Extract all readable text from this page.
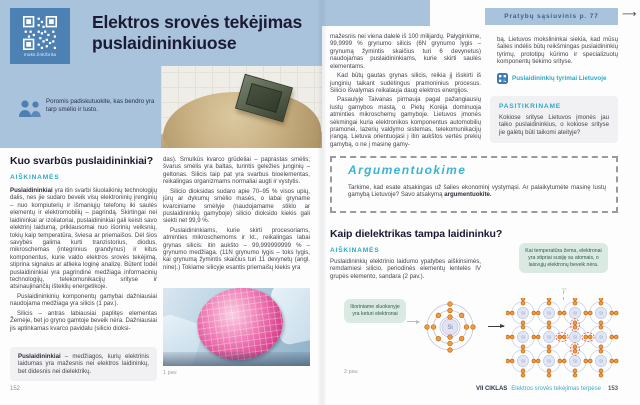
moks.link/brita
Elektros srovės tekėjimas
puslaidininkiuose
Poromis padiskutuokite, kas bendro yra tarp smėlio ir lusto.
Pratybų sąsiuvinis p. 77 ⟶
Kuo svarbūs puslaidininkiai?
AIŠKINAMĖS

Puslaidininkiai yra itin svarbi šiuolaikinių technologijų dalis, nes jie sudaro beveik visų elektroninių įrenginių – nuo kompiuterių ir išmaniųjų telefonų iki saulės elementų ir elektromobilių – pagrindą. Skirtingai nei laidininkai ar izoliatoriai, puslaidininkiai gali keisti savo elektrinį laidumą, priklausomai nuo išorinių veiksnių, tokių kaip temperatūra, šviesa ar priemaišos. Dėl šios savybės galima kurti tranzistorius, diodus, mikroschemas (integrinius grandynus) ir kitus komponentus, kurie valdo elektros srovės tekėjimą, stiprina signalus ar atlieka loginę analizę. Būtent todėl puslaidininkiai yra pagrindinė medžiaga informacinių technologijų, telekomunikacijų srityse ir atsinaujinančių išteklių energetikoje.

Puslaidininkinių komponentų gamybai dažniausiai naudojama medžiaga yra silicis (1 pav.).

Silicis – antras labiausiai paplitęs elementas Žemėje, bet jo gryno gamtoje beveik nėra. Dažniausiai jis aptinkamas kvarco pavidalu (silicio dioksi-

Puslaidininkiai – medžiagos, kurių elektrinis laidumas yra mažesnis nei elektros laidininkų, bet didesnis nei dielektrikų.

das). Smulkūs kvarco grūdeliai – paprastas smėlis; švarus smėlis yra baltas, turintis geležies junginių – geltonas. Silicis taip pat yra svarbus bioelementas, reikalingas organizmams normaliai augti ir vystytis.

Silicio dioksidas sudaro apie 70–95 % visos upių, jūrų ar dykumų smėlio masės, o labai gryname kvarciniame smėlyje (naudojamame stiklo ar puslaidininkių gamyboje) silicio dioksido kiekis gali siekti net 99,9 %.

Puslaidininkiams, kurie skirti procesoriams, atminties mikroschemoms ir kt., reikalingas labai grynas silicis: itin aukšto – 99,999999999 % – grynumo medžiaga. (11N grynumo lygis – toks lygis, kai grynumą žymintis skaičius turi 11 devynetų (angl. nine).) Tokiame silicyje esantis priemaišų kiekis yra

1 pav.

mažesnis nei viena dalelė iš 100 milijardų. Palyginkime, 99,9999 % grynumo silicis (6N grynumo lygis – grynumą žymintis skaičius turi 6 devynetus) naudojamas puslaidininkiams, kurie skirti saulės elementams.

Kad būtų gautas grynas silicis, reikia jį išskirti iš junginių taikant sudėtingus pramoninius procesus. Silicio išvalymas reikalauja daug elektros energijos.

Pasaulyje Taivanas pirmauja pagal pažangiausių lustų gamybos mastą, o Pietų Korėja dominuoja atminties mikroschemų gamyboje. Lietuvos įmonės sėkmingai kuria elektronikos komponentus automobilių pramonei, lazerių valdymo sistemas, telekomunikacijų įrangą. Lietuva orientuojasi į itin aukštos vertės prekių gamybą, o ne į masinę gamy-

bą. Lietuvos mokslininkai siekia, kad mūsų šalies indėlis būtų reikšmingas puslaidininkių tyrimų, prototipų kūrimo ir specializuotų komponentų tiekimo srityse.

Puslaidininkių tyrimai Lietuvoje
PASITIKRINAME

Kokiose srityse Lietuvos įmonės jau taiko puslaidininkius, o kokiose srityse jie galėtų būti taikomi ateityje?

Argumentuokime

Tarkime, kad esate atsakingas už šalies ekonominį vystymąsi. Ar palaikytumėte masinę lustų gamybą Lietuvoje? Savo atsakymą argumentuokite.

Kaip dielektrikas tampa laidininku?
AIŠKINAMĖS

Puslaidininkių elektrinio laidumo ypatybes aiškinsimės, remdamiesi silicio, periodinės elementų lentelės IV grupės elemento, sandara (2 pav.).

Išoriniame sluoksnyje yra keturi elektronai
Si
Kai temperatūra žema, elektronai yra stipriai susiję su atomais, o laisvųjų elektronų beveik nėra.
Si	Si	Si	Si
Si	Si	Si	Si
Si	Si	Si	Si
2 pav.
152	VII CIKLAS Elektros srovės tekėjimas terpėse 153
